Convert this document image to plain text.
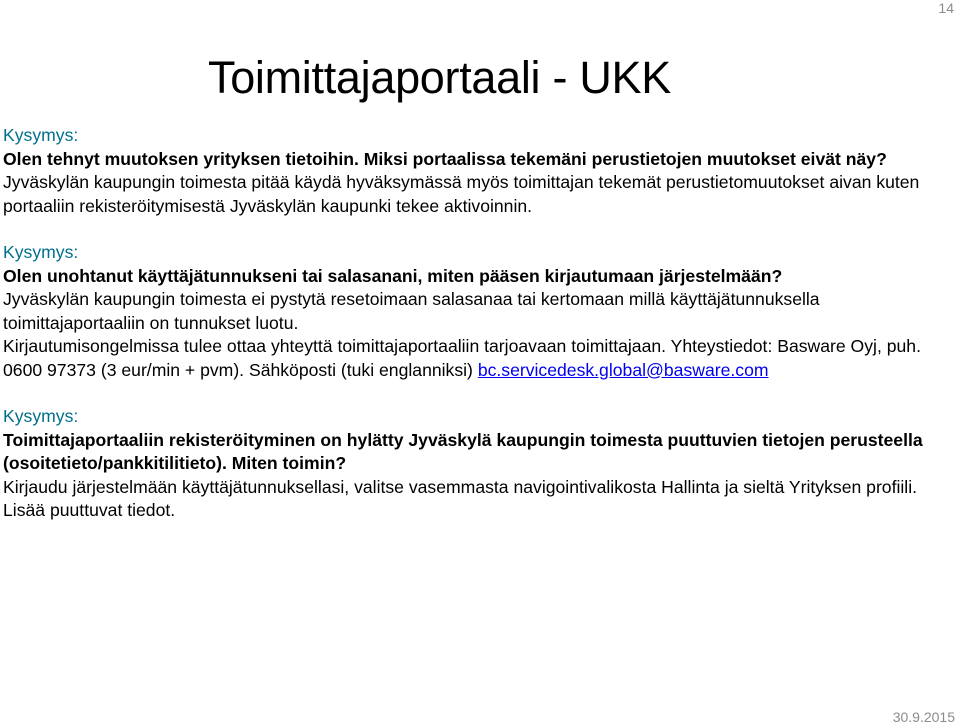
14
Toimittajaportaali - UKK
Kysymys:
Olen tehnyt muutoksen yrityksen tietoihin. Miksi portaalissa tekemäni perustietojen muutokset eivät näy?

Jyväskylän kaupungin toimesta pitää käydä hyväksymässä myös toimittajan tekemät perustietomuutokset aivan kuten portaaliin rekisteröitymisestä Jyväskylän kaupunki tekee aktivoinnin.

Kysymys:
Olen unohtanut käyttäjätunnukseni tai salasanani, miten pääsen kirjautumaan järjestelmään?

Jyväskylän kaupungin toimesta ei pystytä resetoimaan salasanaa tai kertomaan millä käyttäjätunnuksella toimittajaportaaliin on tunnukset luotu.

Kirjautumisongelmissa tulee ottaa yhteyttä toimittajaportaaliin tarjoavaan toimittajaan. Yhteystiedot: Basware Oyj, puh. 0600 97373 (3 eur/min + pvm). Sähköposti (tuki englanniksi) bc.servicedesk.global@basware.com

Kysymys:
Toimittajaportaaliin rekisteröityminen on hylätty Jyväskylä kaupungin toimesta puuttuvien tietojen perusteella (osoitetieto/pankkitilitieto). Miten toimin?

Kirjaudu järjestelmään käyttäjätunnuksellasi, valitse vasemmasta navigointivalikosta Hallinta ja sieltä Yrityksen profiili. Lisää puuttuvat tiedot.

30.9.2015
